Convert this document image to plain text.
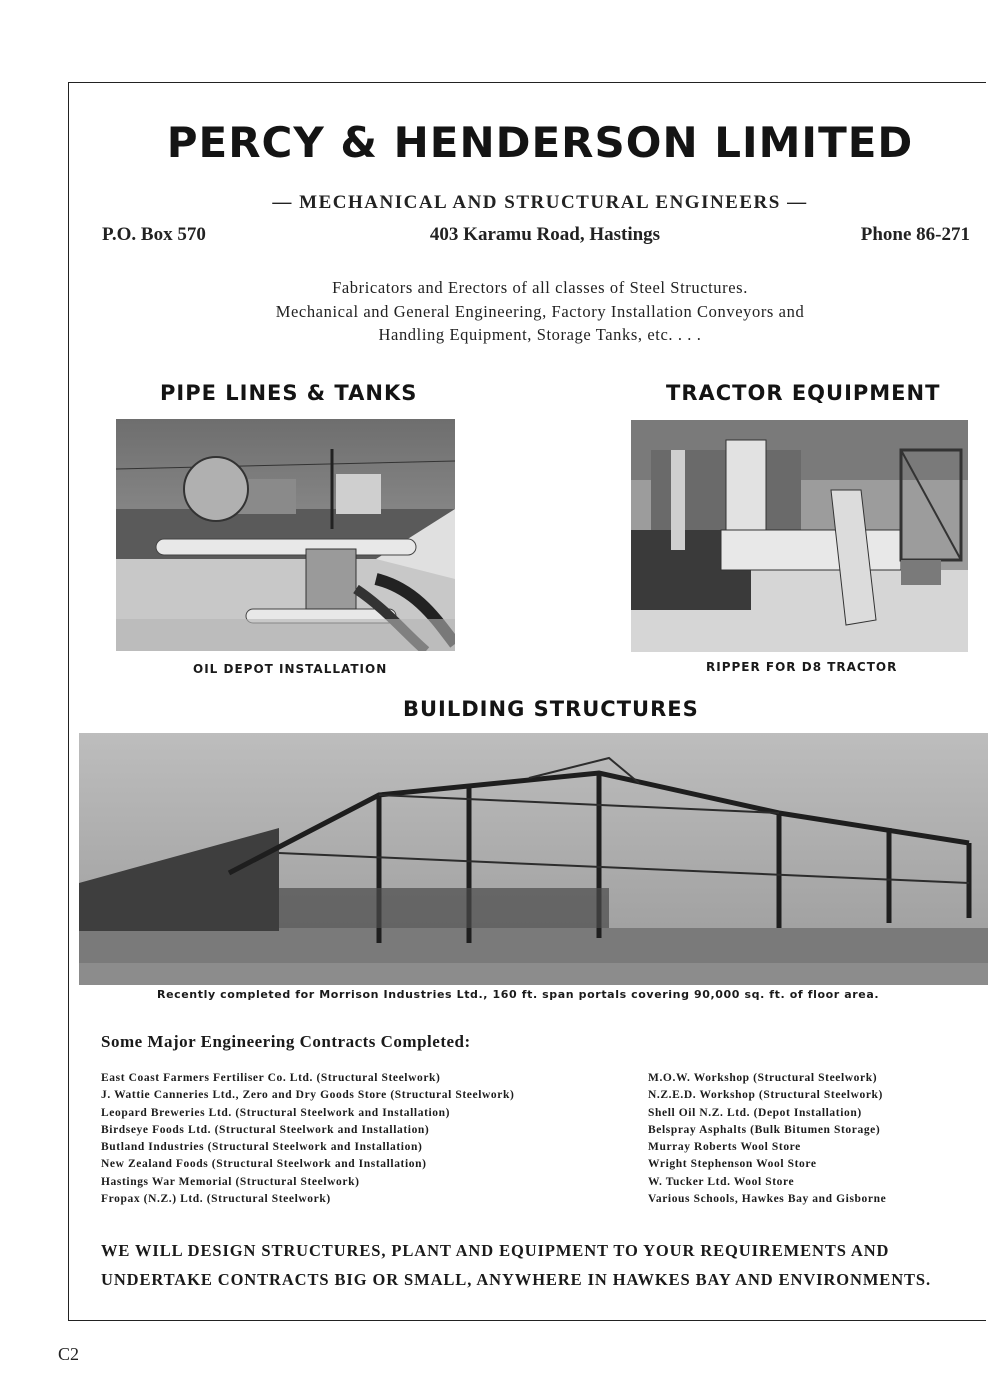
PERCY & HENDERSON LIMITED
— MECHANICAL AND STRUCTURAL ENGINEERS —
P.O. Box 570	403 Karamu Road, Hastings	Phone 86-271
Fabricators and Erectors of all classes of Steel Structures.
Mechanical and General Engineering, Factory Installation Conveyors and
Handling Equipment, Storage Tanks, etc. . . .
PIPE LINES & TANKS
OIL DEPOT INSTALLATION
TRACTOR EQUIPMENT
RIPPER FOR D8 TRACTOR
BUILDING STRUCTURES
Recently completed for Morrison Industries Ltd., 160 ft. span portals covering 90,000 sq. ft. of floor area.
Some Major Engineering Contracts Completed:
East Coast Farmers Fertiliser Co. Ltd. (Structural Steelwork)
J. Wattie Canneries Ltd., Zero and Dry Goods Store (Structural Steelwork)
Leopard Breweries Ltd. (Structural Steelwork and Installation)
Birdseye Foods Ltd. (Structural Steelwork and Installation)
Butland Industries (Structural Steelwork and Installation)
New Zealand Foods (Structural Steelwork and Installation)
Hastings War Memorial (Structural Steelwork)
Fropax (N.Z.) Ltd. (Structural Steelwork)
M.O.W. Workshop (Structural Steelwork)
N.Z.E.D. Workshop (Structural Steelwork)
Shell Oil N.Z. Ltd. (Depot Installation)
Belspray Asphalts (Bulk Bitumen Storage)
Murray Roberts Wool Store
Wright Stephenson Wool Store
W. Tucker Ltd. Wool Store
Various Schools, Hawkes Bay and Gisborne
WE WILL DESIGN STRUCTURES, PLANT AND EQUIPMENT TO YOUR REQUIREMENTS AND
UNDERTAKE CONTRACTS BIG OR SMALL, ANYWHERE IN HAWKES BAY AND ENVIRONMENTS.
C2
